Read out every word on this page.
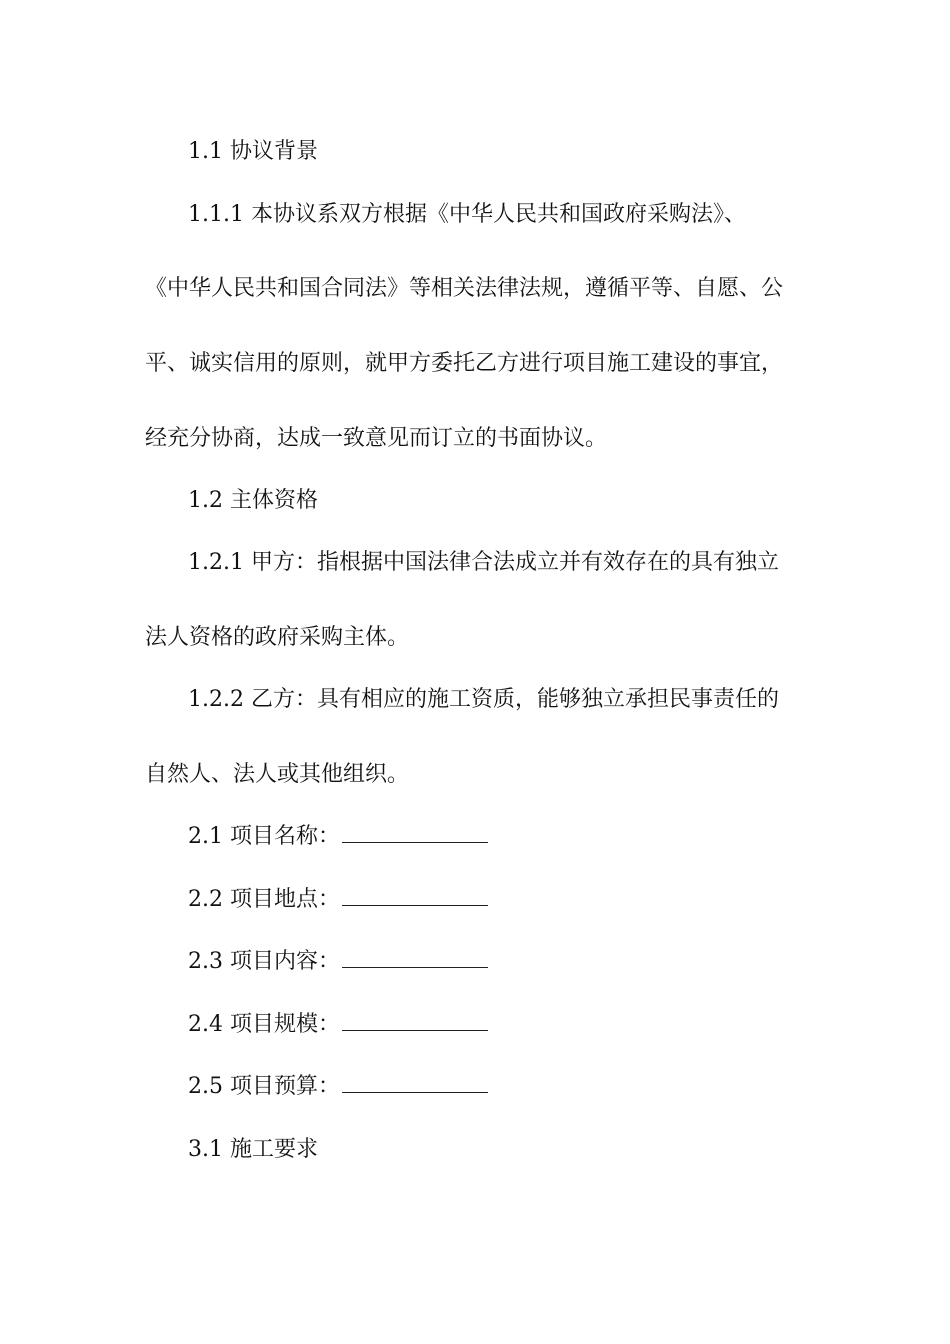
1.1 协议背景
1.1.1 本协议系双方根据《中华人民共和国政府采购法》、
《中华人民共和国合同法》等相关法律法规，遵循平等、自愿、公
平、诚实信用的原则，就甲方委托乙方进行项目施工建设的事宜，
经充分协商，达成一致意见而订立的书面协议。
1.2 主体资格
1.2.1 甲方：指根据中国法律合法成立并有效存在的具有独立
法人资格的政府采购主体。
1.2.2 乙方：具有相应的施工资质，能够独立承担民事责任的
自然人、法人或其他组织。
2.1 项目名称：
2.2 项目地点：
2.3 项目内容：
2.4 项目规模：
2.5 项目预算：
3.1 施工要求
